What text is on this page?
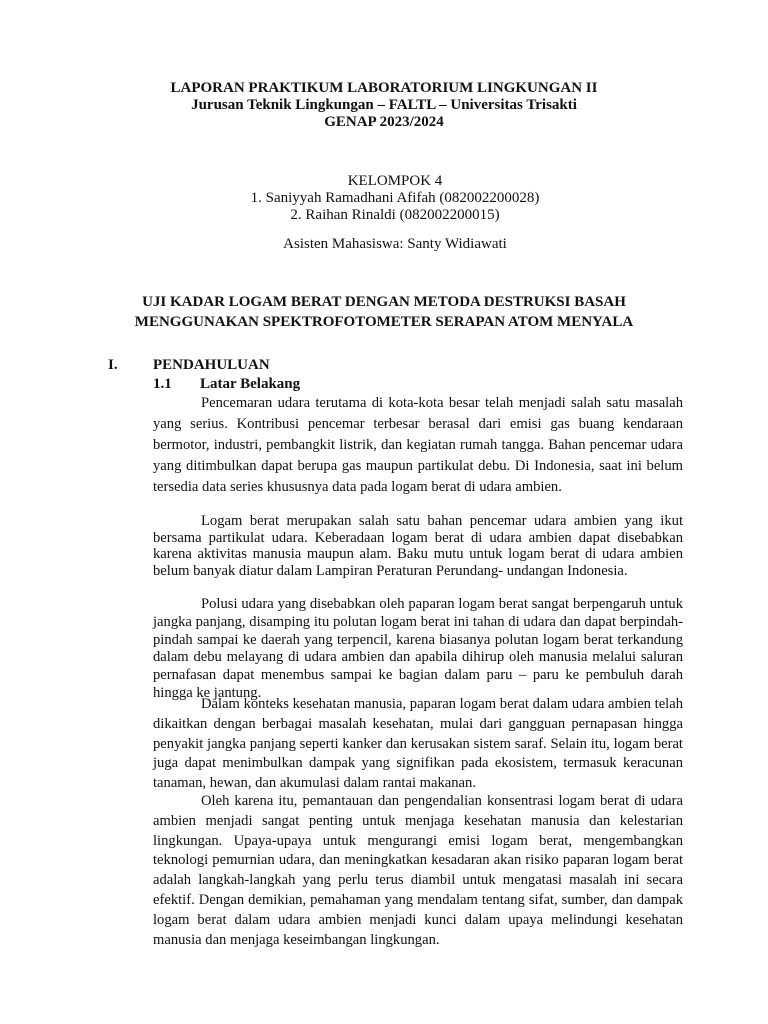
LAPORAN PRAKTIKUM LABORATORIUM LINGKUNGAN II
Jurusan Teknik Lingkungan – FALTL – Universitas Trisakti
GENAP 2023/2024
KELOMPOK 4
1. Saniyyah Ramadhani Afifah (082002200028)
2. Raihan Rinaldi (082002200015)
Asisten Mahasiswa: Santy Widiawati
UJI KADAR LOGAM BERAT DENGAN METODA DESTRUKSI BASAH
MENGGUNAKAN SPEKTROFOTOMETER SERAPAN ATOM MENYALA
I. PENDAHULUAN
1.1 Latar Belakang

Pencemaran udara terutama di kota-kota besar telah menjadi salah satu masalah yang serius. Kontribusi pencemar terbesar berasal dari emisi gas buang kendaraan bermotor, industri, pembangkit listrik, dan kegiatan rumah tangga. Bahan pencemar udara yang ditimbulkan dapat berupa gas maupun partikulat debu. Di Indonesia, saat ini belum tersedia data series khususnya data pada logam berat di udara ambien.

Logam berat merupakan salah satu bahan pencemar udara ambien yang ikut bersama partikulat udara. Keberadaan logam berat di udara ambien dapat disebabkan karena aktivitas manusia maupun alam. Baku mutu untuk logam berat di udara ambien belum banyak diatur dalam Lampiran Peraturan Perundang- undangan Indonesia.

Polusi udara yang disebabkan oleh paparan logam berat sangat berpengaruh untuk jangka panjang, disamping itu polutan logam berat ini tahan di udara dan dapat berpindah-pindah sampai ke daerah yang terpencil, karena biasanya polutan logam berat terkandung dalam debu melayang di udara ambien dan apabila dihirup oleh manusia melalui saluran pernafasan dapat menembus sampai ke bagian dalam paru – paru ke pembuluh darah hingga ke jantung.

Dalam konteks kesehatan manusia, paparan logam berat dalam udara ambien telah dikaitkan dengan berbagai masalah kesehatan, mulai dari gangguan pernapasan hingga penyakit jangka panjang seperti kanker dan kerusakan sistem saraf. Selain itu, logam berat juga dapat menimbulkan dampak yang signifikan pada ekosistem, termasuk keracunan tanaman, hewan, dan akumulasi dalam rantai makanan.

Oleh karena itu, pemantauan dan pengendalian konsentrasi logam berat di udara ambien menjadi sangat penting untuk menjaga kesehatan manusia dan kelestarian lingkungan. Upaya-upaya untuk mengurangi emisi logam berat, mengembangkan teknologi pemurnian udara, dan meningkatkan kesadaran akan risiko paparan logam berat adalah langkah-langkah yang perlu terus diambil untuk mengatasi masalah ini secara efektif. Dengan demikian, pemahaman yang mendalam tentang sifat, sumber, dan dampak logam berat dalam udara ambien menjadi kunci dalam upaya melindungi kesehatan manusia dan menjaga keseimbangan lingkungan.
